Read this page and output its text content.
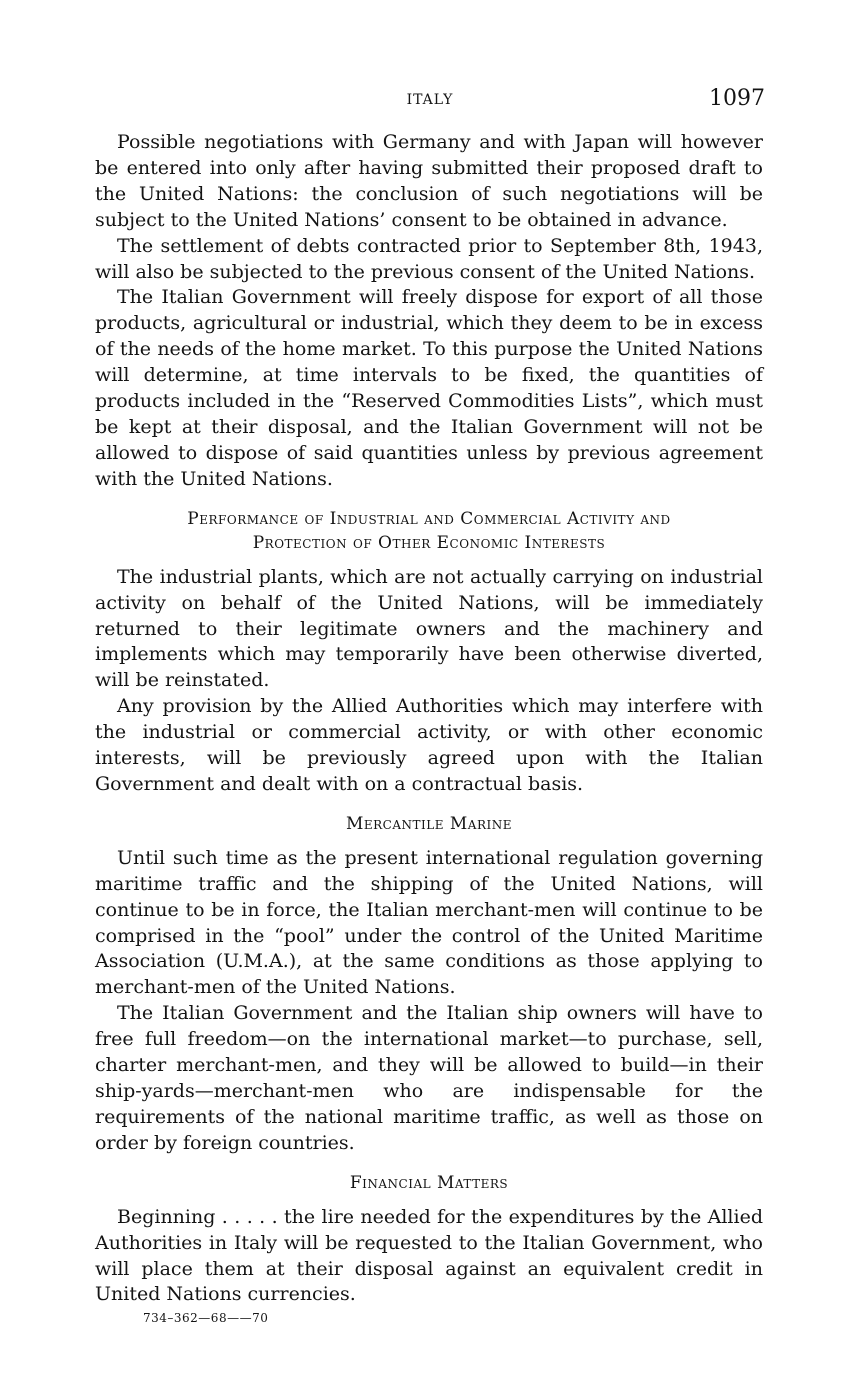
ITALY	1097

Possible negotiations with Germany and with Japan will however be entered into only after having submitted their proposed draft to the United Nations: the conclusion of such negotiations will be subject to the United Nations’ consent to be obtained in advance.

The settlement of debts contracted prior to September 8th, 1943, will also be subjected to the previous consent of the United Nations.

The Italian Government will freely dispose for export of all those products, agricultural or industrial, which they deem to be in excess of the needs of the home market. To this purpose the United Nations will determine, at time intervals to be fixed, the quantities of products included in the “Reserved Commodities Lists”, which must be kept at their disposal, and the Italian Government will not be allowed to dispose of said quantities unless by previous agreement with the United Nations.

Performance of Industrial and Commercial Activity and
Protection of Other Economic Interests

The industrial plants, which are not actually carrying on industrial activity on behalf of the United Nations, will be immediately returned to their legitimate owners and the machinery and implements which may temporarily have been otherwise diverted, will be reinstated.

Any provision by the Allied Authorities which may interfere with the industrial or commercial activity, or with other economic interests, will be previously agreed upon with the Italian Government and dealt with on a contractual basis.

Mercantile Marine

Until such time as the present international regulation governing maritime traffic and the shipping of the United Nations, will continue to be in force, the Italian merchant-men will continue to be comprised in the “pool” under the control of the United Maritime Association (U.M.A.), at the same conditions as those applying to merchant-men of the United Nations.

The Italian Government and the Italian ship owners will have to free full freedom—on the international market—to purchase, sell, charter merchant-men, and they will be allowed to build—in their ship-yards—merchant-men who are indispensable for the requirements of the national maritime traffic, as well as those on order by foreign countries.

Financial Matters

Beginning . . . . . the lire needed for the expenditures by the Allied Authorities in Italy will be requested to the Italian Government, who will place them at their disposal against an equivalent credit in United Nations currencies.

734–362—68——70
